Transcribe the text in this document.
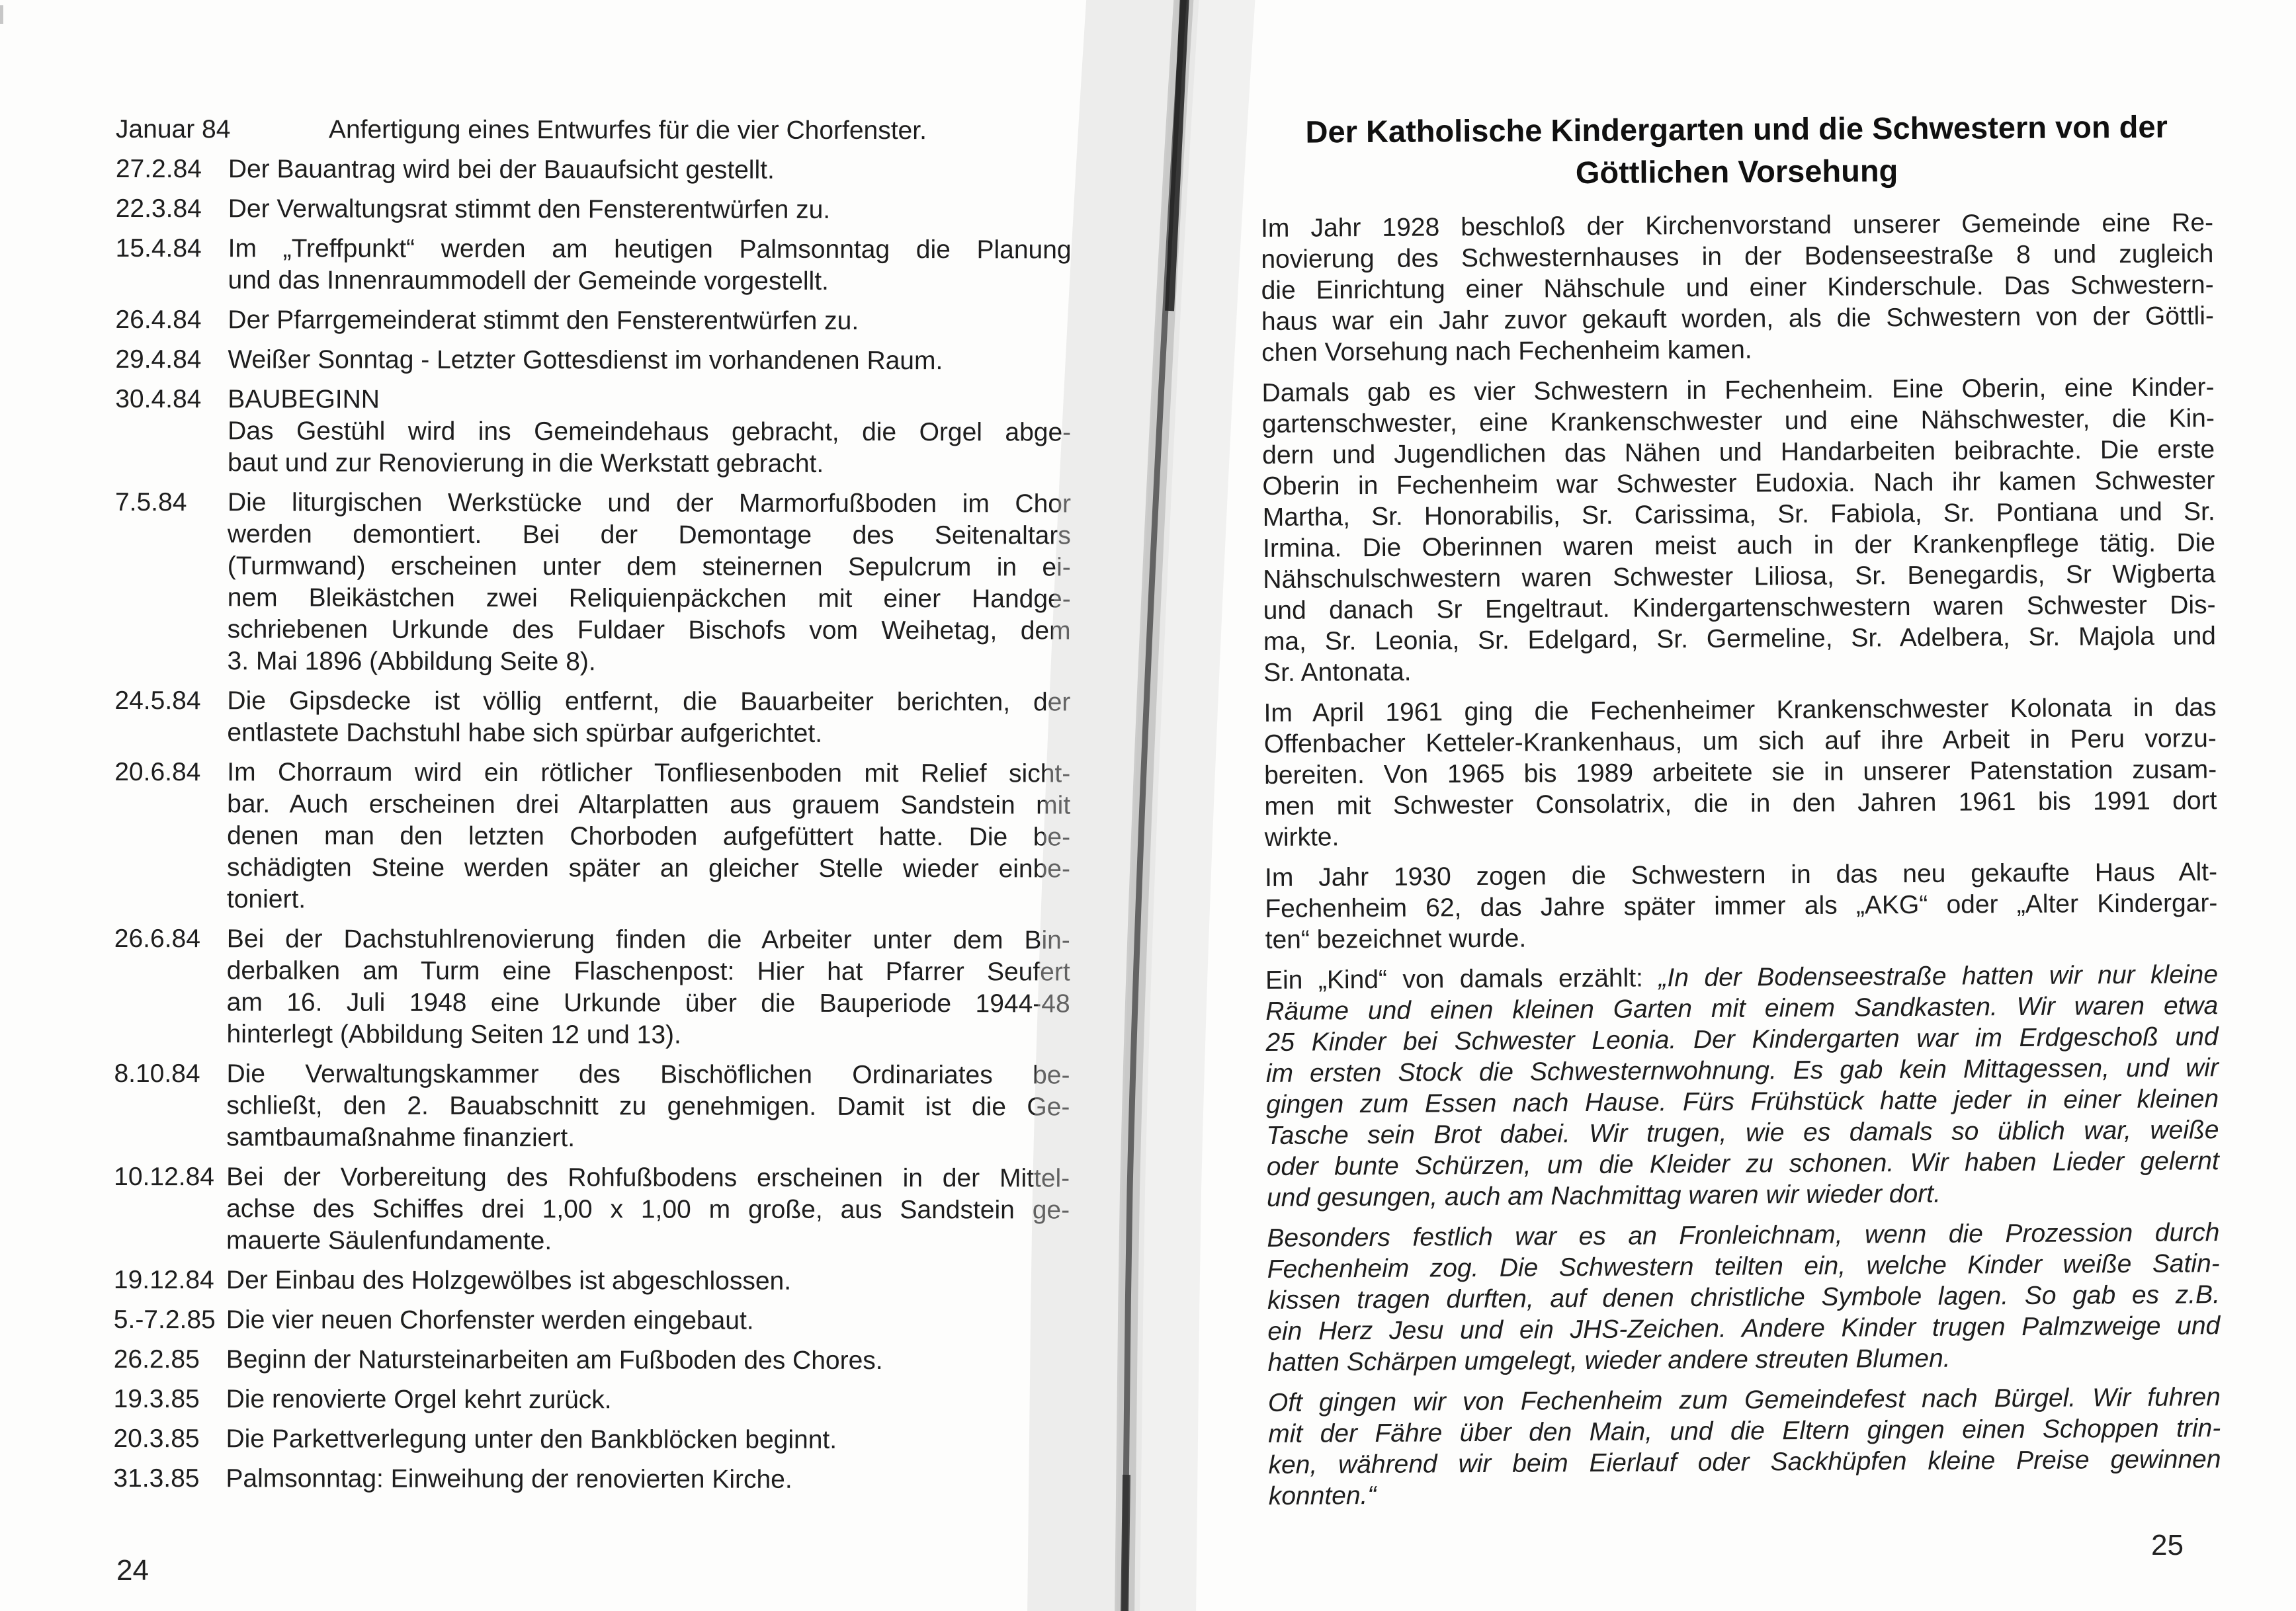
Januar 84	Anfertigung eines Entwurfes für die vier Chorfenster.
27.2.84	Der Bauantrag wird bei der Bauaufsicht gestellt.
22.3.84	Der Verwaltungsrat stimmt den Fensterentwürfen zu.
15.4.84	Im „Treffpunkt“ werden am heutigen Palmsonntag die Planung
und das Innenraummodell der Gemeinde vorgestellt.
26.4.84	Der Pfarrgemeinderat stimmt den Fensterentwürfen zu.
29.4.84	Weißer Sonntag - Letzter Gottesdienst im vorhandenen Raum.
30.4.84	BAUBEGINN
Das Gestühl wird ins Gemeindehaus gebracht, die Orgel abge-
baut und zur Renovierung in die Werkstatt gebracht.
7.5.84	Die liturgischen Werkstücke und der Marmorfußboden im Chor
werden demontiert. Bei der Demontage des Seitenaltars
(Turmwand) erscheinen unter dem steinernen Sepulcrum in ei-
nem Bleikästchen zwei Reliquienpäckchen mit einer Handge-
schriebenen Urkunde des Fuldaer Bischofs vom Weihetag, dem
3. Mai 1896 (Abbildung Seite 8).
24.5.84	Die Gipsdecke ist völlig entfernt, die Bauarbeiter berichten, der
entlastete Dachstuhl habe sich spürbar aufgerichtet.
20.6.84	Im Chorraum wird ein rötlicher Tonfliesenboden mit Relief sicht-
bar. Auch erscheinen drei Altarplatten aus grauem Sandstein mit
denen man den letzten Chorboden aufgefüttert hatte. Die be-
schädigten Steine werden später an gleicher Stelle wieder einbe-
toniert.
26.6.84	Bei der Dachstuhlrenovierung finden die Arbeiter unter dem Bin-
derbalken am Turm eine Flaschenpost: Hier hat Pfarrer Seufert
am 16. Juli 1948 eine Urkunde über die Bauperiode 1944-48
hinterlegt (Abbildung Seiten 12 und 13).
8.10.84	Die Verwaltungskammer des Bischöflichen Ordinariates be-
schließt, den 2. Bauabschnitt zu genehmigen. Damit ist die Ge-
samtbaumaßnahme finanziert.
10.12.84 Bei der Vorbereitung des Rohfußbodens erscheinen in der Mittel-
achse des Schiffes drei 1,00 x 1,00 m große, aus Sandstein ge-
mauerte Säulenfundamente.
19.12.84 Der Einbau des Holzgewölbes ist abgeschlossen.
5.-7.2.85 Die vier neuen Chorfenster werden eingebaut.
26.2.85	Beginn der Natursteinarbeiten am Fußboden des Chores.
19.3.85	Die renovierte Orgel kehrt zurück.
20.3.85	Die Parkettverlegung unter den Bankblöcken beginnt.
31.3.85	Palmsonntag: Einweihung der renovierten Kirche.
Der Katholische Kindergarten und die Schwestern von der
Göttlichen Vorsehung
Im Jahr 1928 beschloß der Kirchenvorstand unserer Gemeinde eine Re-
novierung des Schwesternhauses in der Bodenseestraße 8 und zugleich
die Einrichtung einer Nähschule und einer Kinderschule. Das Schwestern-
haus war ein Jahr zuvor gekauft worden, als die Schwestern von der Göttli-
chen Vorsehung nach Fechenheim kamen.
Damals gab es vier Schwestern in Fechenheim. Eine Oberin, eine Kinder-
gartenschwester, eine Krankenschwester und eine Nähschwester, die Kin-
dern und Jugendlichen das Nähen und Handarbeiten beibrachte. Die erste
Oberin in Fechenheim war Schwester Eudoxia. Nach ihr kamen Schwester
Martha, Sr. Honorabilis, Sr. Carissima, Sr. Fabiola, Sr. Pontiana und Sr.
Irmina. Die Oberinnen waren meist auch in der Krankenpflege tätig. Die
Nähschulschwestern waren Schwester Liliosa, Sr. Benegardis, Sr Wigberta
und danach Sr Engeltraut. Kindergartenschwestern waren Schwester Dis-
ma, Sr. Leonia, Sr. Edelgard, Sr. Germeline, Sr. Adelbera, Sr. Majola und
Sr. Antonata.
Im April 1961 ging die Fechenheimer Krankenschwester Kolonata in das
Offenbacher Ketteler-Krankenhaus, um sich auf ihre Arbeit in Peru vorzu-
bereiten. Von 1965 bis 1989 arbeitete sie in unserer Patenstation zusam-
men mit Schwester Consolatrix, die in den Jahren 1961 bis 1991 dort
wirkte.
Im Jahr 1930 zogen die Schwestern in das neu gekaufte Haus Alt-
Fechenheim 62, das Jahre später immer als „AKG“ oder „Alter Kindergar-
ten“ bezeichnet wurde.
Ein „Kind“ von damals erzählt: „In der Bodenseestraße hatten wir nur kleine
Räume und einen kleinen Garten mit einem Sandkasten. Wir waren etwa
25 Kinder bei Schwester Leonia. Der Kindergarten war im Erdgeschoß und
im ersten Stock die Schwesternwohnung. Es gab kein Mittagessen, und wir
gingen zum Essen nach Hause. Fürs Frühstück hatte jeder in einer kleinen
Tasche sein Brot dabei. Wir trugen, wie es damals so üblich war, weiße
oder bunte Schürzen, um die Kleider zu schonen. Wir haben Lieder gelernt
und gesungen, auch am Nachmittag waren wir wieder dort.
Besonders festlich war es an Fronleichnam, wenn die Prozession durch
Fechenheim zog. Die Schwestern teilten ein, welche Kinder weiße Satin-
kissen tragen durften, auf denen christliche Symbole lagen. So gab es z.B.
ein Herz Jesu und ein JHS-Zeichen. Andere Kinder trugen Palmzweige und
hatten Schärpen umgelegt, wieder andere streuten Blumen.
Oft gingen wir von Fechenheim zum Gemeindefest nach Bürgel. Wir fuhren
mit der Fähre über den Main, und die Eltern gingen einen Schoppen trin-
ken, während wir beim Eierlauf oder Sackhüpfen kleine Preise gewinnen
konnten.“
24
25
